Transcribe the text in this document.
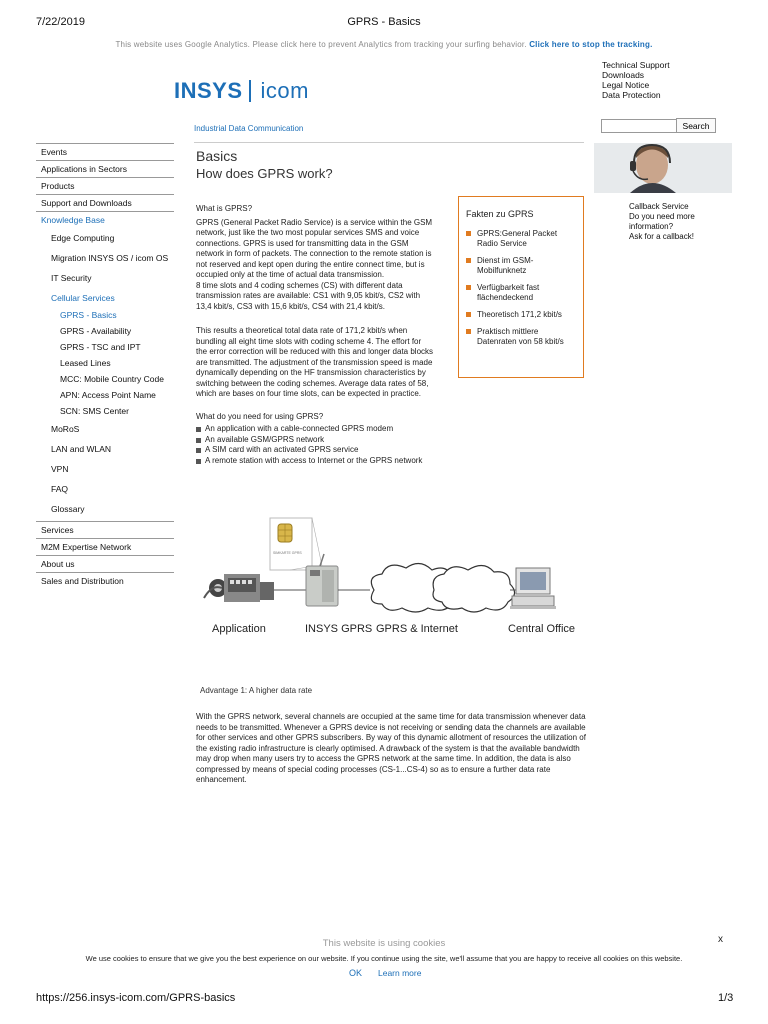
7/22/2019	GPRS - Basics
https://256.insys-icom.com/GPRS-basics	1/3
This website uses Google Analytics. Please click here to prevent Analytics from tracking your surfing behavior. Click here to stop the tracking.
INSYS icom
Industrial Data Communication
Technical Support
Downloads
Legal Notice
Data Protection
Search
Events
Applications in Sectors
Products
Support and Downloads
Knowledge Base
Edge Computing
Migration INSYS OS / icom OS
IT Security
Cellular Services
GPRS - Basics
GPRS - Availability
GPRS - TSC and IPT
Leased Lines
MCC: Mobile Country Code
APN: Access Point Name
SCN: SMS Center
MoRoS
LAN and WLAN
VPN
FAQ
Glossary
Services
M2M Expertise Network
About us
Sales and Distribution
Basics
How does GPRS work?

What is GPRS?

GPRS (General Packet Radio Service) is a service within the GSM network, just like the two most popular services SMS and voice connections. GPRS is used for transmitting data in the GSM network in form of packets. The connection to the remote station is not reserved and kept open during the entire connect time, but is occupied only at the time of actual data transmission.

8 time slots and 4 coding schemes (CS) with different data transmission rates are available: CS1 with 9,05 kbit/s, CS2 with 13,4 kbit/s, CS3 with 15,6 kbit/s, CS4 with 21,4 kbit/s.

This results a theoretical total data rate of 171,2 kbit/s when bundling all eight time slots with coding scheme 4. The effort for the error correction will be reduced with this and longer data blocks are transmitted. The adjustment of the transmission speed is made dynamically depending on the HF transmission characteristics by switching between the coding schemes. Average data rates of 58, which are bases on four time slots, can be expected in practice.

What do you need for using GPRS?

An application with a cable-connected GPRS modem
An available GSM/GPRS network
A SIM card with an activated GPRS service
A remote station with access to Internet or the GPRS network
Fakten zu GPRS
GPRS:General Packet Radio Service
Dienst im GSM-Mobilfunknetz
Verfügbarkeit fast flächendeckend
Theoretisch 171,2 kbit/s
Praktisch mittlere Datenraten von 58 kbit/s
Callback Service
Do you need more information?
Ask for a callback!
SIMKARTE GPRS
Application	INSYS GPRS GPRS & Internet	Central Office
Advantage 1: A higher data rate
With the GPRS network, several channels are occupied at the same time for data transmission whenever data needs to be transmitted. Whenever a GPRS device is not receiving or sending data the channels are available for other services and other GPRS subscribers. By way of this dynamic allotment of resources the utilization of the existing radio infrastructure is clearly optimised. A drawback of the system is that the available bandwidth may drop when many users try to access the GPRS network at the same time. In addition, the data is also compressed by means of special coding processes (CS-1...CS-4) so as to ensure a further data rate enhancement.
This website is using cookies
We use cookies to ensure that we give you the best experience on our website. If you continue using the site, we'll assume that you are happy to receive all cookies on this website.
OK Learn more
x
